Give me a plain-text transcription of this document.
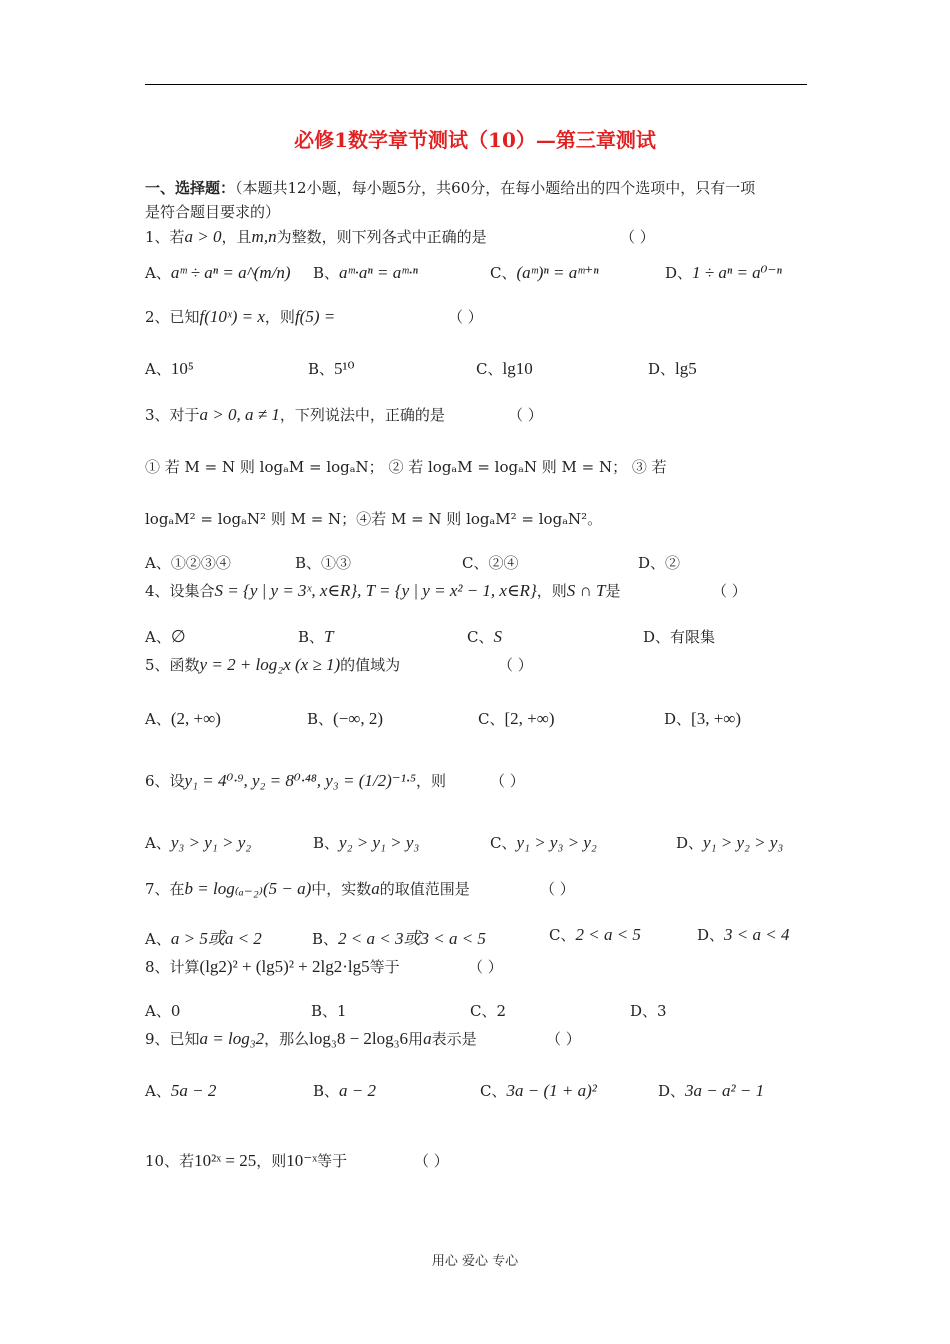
必修1数学章节测试（10）—第三章测试
一、选择题：（本题共12小题，每小题5分，共60分，在每小题给出的四个选项中，只有一项
是符合题目要求的）
1、若a > 0，且m,n为整数，则下列各式中正确的是	（ ）
A、aᵐ ÷ aⁿ = a^(m/n) B、aᵐ·aⁿ = aᵐ·ⁿ	C、(aᵐ)ⁿ = aᵐ⁺ⁿ	D、1 ÷ aⁿ = a⁰⁻ⁿ
2、已知f(10ˣ) = x，则f(5) =	（ ）
A、10⁵	B、5¹⁰	C、lg10	D、lg5
3、对于a > 0, a ≠ 1，下列说法中，正确的是	（ ）
① 若 M = N 则 logₐM = logₐN； ② 若 logₐM = logₐN 则 M = N； ③ 若
logₐM² = logₐN² 则 M = N；④若 M = N 则 logₐM² = logₐN²。
A、①②③④	B、①③	C、②④	D、②
4、设集合S = {y | y = 3ˣ, x∈R}, T = {y | y = x² − 1, x∈R}，则S ∩ T是	（ ）
A、∅	B、T	C、S	D、有限集
5、函数y = 2 + log₂x (x ≥ 1)的值域为	（ ）
A、(2, +∞)	B、(−∞, 2)	C、[2, +∞)	D、[3, +∞)
6、设y₁ = 4⁰·⁹, y₂ = 8⁰·⁴⁸, y₃ = (1/2)⁻¹·⁵，则	（ ）
A、y₃ > y₁ > y₂	B、y₂ > y₁ > y₃	C、y₁ > y₃ > y₂	D、y₁ > y₂ > y₃
7、在b = log₍ₐ₋₂₎(5 − a)中，实数a的取值范围是	（ ）
A、a > 5或a < 2	B、2 < a < 3或3 < a < 5	C、2 < a < 5	D、3 < a < 4
8、计算(lg2)² + (lg5)² + 2lg2·lg5等于	（ ）
A、0	B、1	C、2	D、3
9、已知a = log₃2，那么log₃8 − 2log₃6用a表示是	（ ）
A、5a − 2	B、a − 2	C、3a − (1 + a)²	D、3a − a² − 1
10、若10²ˣ = 25，则10⁻ˣ等于	（ ）
用心 爱心 专心
